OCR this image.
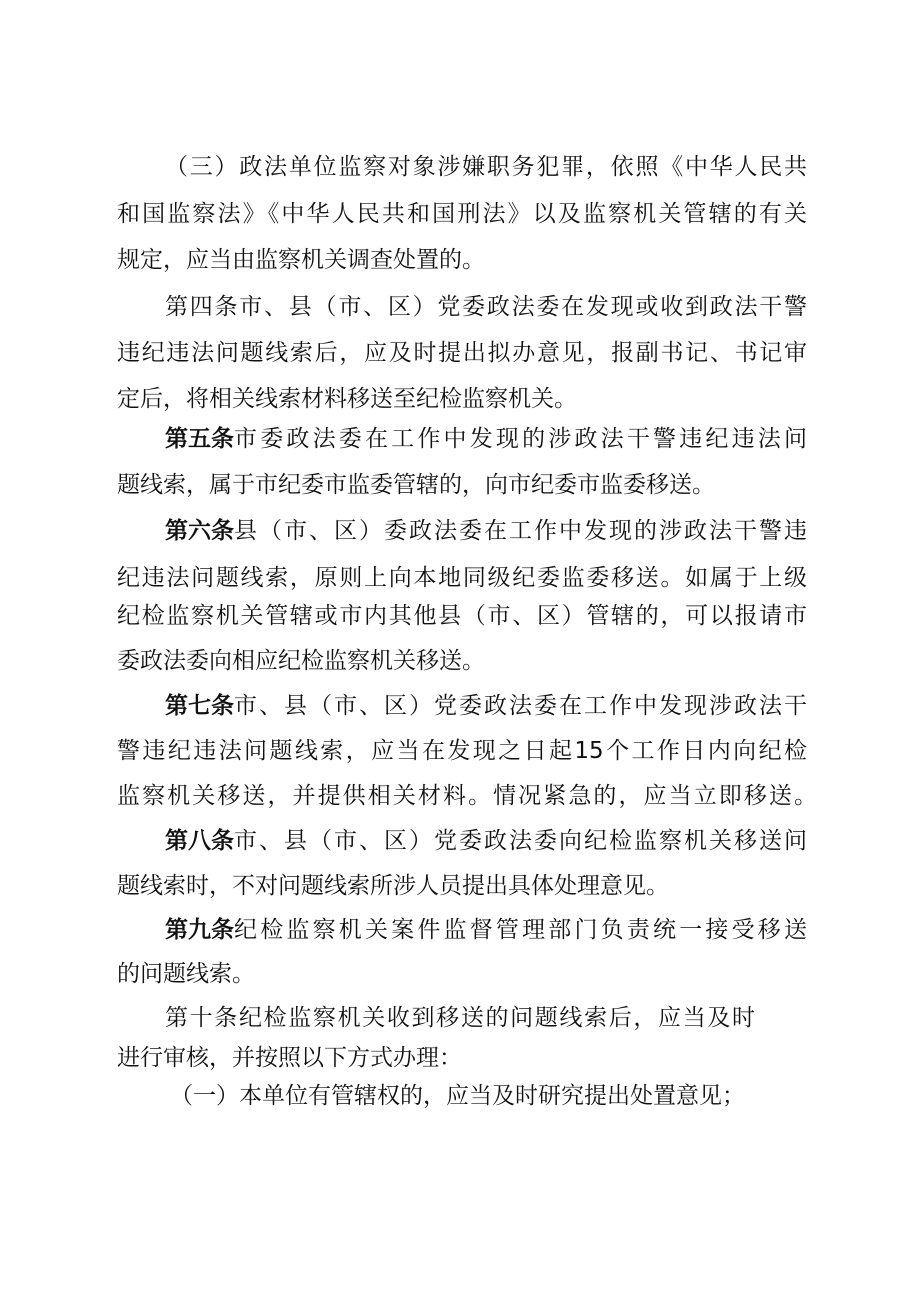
（三）政法单位监察对象涉嫌职务犯罪，依照《中华人民共
和国监察法》《中华人民共和国刑法》以及监察机关管辖的有关
规定，应当由监察机关调查处置的。
第四条市、县（市、区）党委政法委在发现或收到政法干警
违纪违法问题线索后，应及时提出拟办意见，报副书记、书记审
定后，将相关线索材料移送至纪检监察机关。
第五条 市委政法委在工作中发现的涉政法干警违纪违法问
题线索，属于市纪委市监委管辖的，向市纪委市监委移送。
第六条 县（市、区）委政法委在工作中发现的涉政法干警违
纪违法问题线索，原则上向本地同级纪委监委移送。如属于上级
纪检监察机关管辖或市内其他县（市、区）管辖的，可以报请市
委政法委向相应纪检监察机关移送。
第七条 市、县（市、区）党委政法委在工作中发现涉政法干
警违纪违法问题线索，应当在发现之日起15个工作日内向纪检
监察机关移送，并提供相关材料。情况紧急的，应当立即移送。
第八条 市、县（市、区）党委政法委向纪检监察机关移送问
题线索时，不对问题线索所涉人员提出具体处理意见。
第九条 纪检监察机关案件监督管理部门负责统一接受移送
的问题线索。
第十条纪检监察机关收到移送的问题线索后，应当及时
进行审核，并按照以下方式办理：
（一）本单位有管辖权的，应当及时研究提出处置意见；
